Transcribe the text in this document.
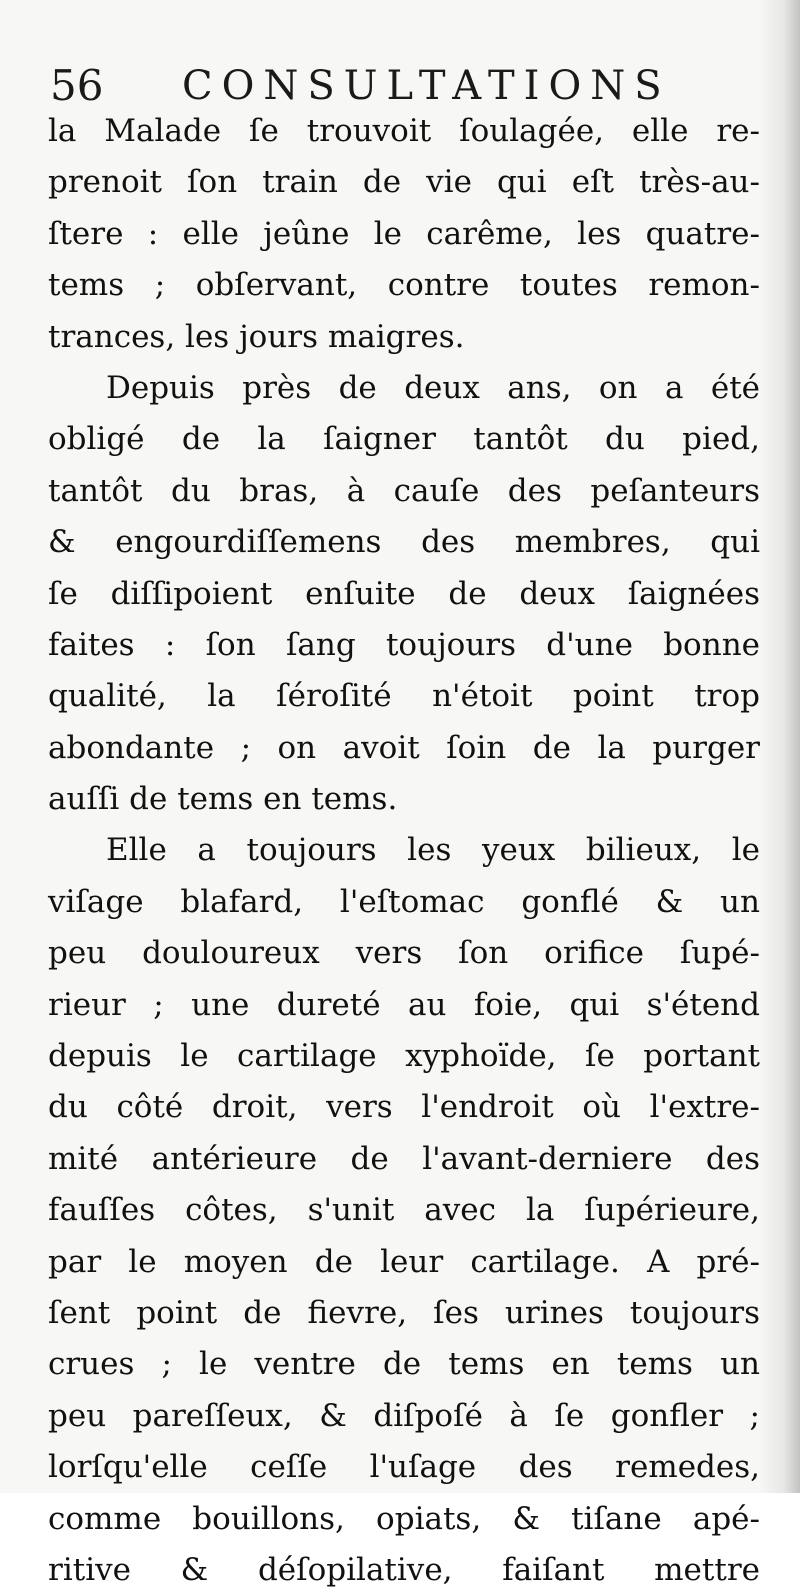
56 CONSULTATIONS
la Malade ſe trouvoit ſoulagée, elle re-
prenoit ſon train de vie qui eſt très-au-
ſtere : elle jeûne le carême, les quatre-
tems ; obſervant, contre toutes remon-
trances, les jours maigres.
Depuis près de deux ans, on a été
obligé de la ſaigner tantôt du pied,
tantôt du bras, à cauſe des peſanteurs
& engourdiſſemens des membres, qui
ſe diſſipoient enſuite de deux ſaignées
faites : ſon ſang toujours d'une bonne
qualité, la ſéroſité n'étoit point trop
abondante ; on avoit ſoin de la purger
auſſi de tems en tems.
Elle a toujours les yeux bilieux, le
viſage blafard, l'eſtomac gonflé & un
peu douloureux vers ſon orifice ſupé-
rieur ; une dureté au foie, qui s'étend
depuis le cartilage xyphoïde, ſe portant
du côté droit, vers l'endroit où l'extre-
mité antérieure de l'avant-derniere des
fauſſes côtes, s'unit avec la ſupérieure,
par le moyen de leur cartilage. A pré-
ſent point de fievre, ſes urines toujours
crues ; le ventre de tems en tems un
peu pareſſeux, & diſpoſé à ſe gonfler ;
lorſqu'elle ceſſe l'uſage des remedes,
comme bouillons, opiats, & tiſane apé-
ritive & déſopilative, faiſant mettre
